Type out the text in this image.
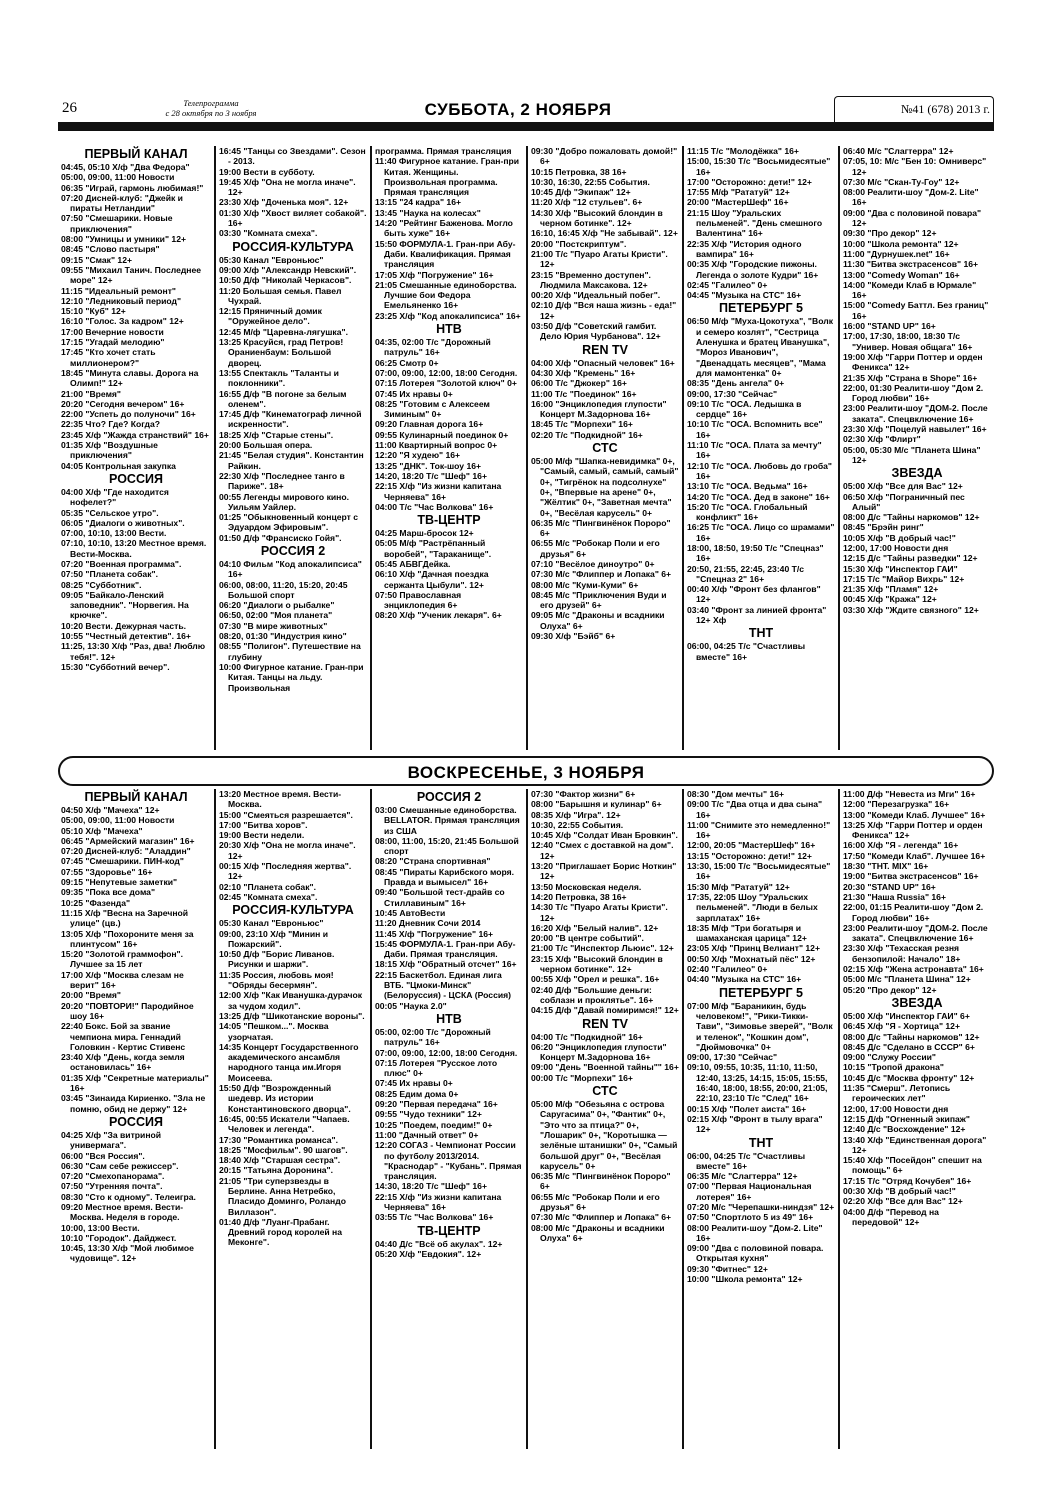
26	Телепрограмма
с 28 октября по 3 ноября	СУББОТА, 2 НОЯБРЯ	№41 (678) 2013 г.
ПЕРВЫЙ КАНАЛ
04:45, 05:10 Х/ф "Два Федора"
05:00, 09:00, 11:00 Новости
06:35 "Играй, гармонь любимая!"
07:20 Дисней-клуб: "Джейк и пираты Нетландии"
07:50 "Смешарики. Новые приключения"
08:00 "Умницы и умники" 12+
08:45 "Слово пастыря"
09:15 "Смак" 12+
09:55 "Михаил Танич. Последнее море" 12+
11:15 "Идеальный ремонт"
12:10 "Ледниковый период"
15:10 "Куб" 12+
16:10 "Голос. За кадром" 12+
17:00 Вечерние новости
17:15 "Угадай мелодию"
17:45 "Кто хочет стать миллионером?"
18:45 "Минута славы. Дорога на Олимп!" 12+
21:00 "Время"
20:20 "Сегодня вечером" 16+
22:00 "Успеть до полуночи" 16+
22:35 Что? Где? Когда?
23:45 Х/ф "Жажда странствий" 16+
01:35 Х/ф "Воздушные приключения"
04:05 Контрольная закупка
РОССИЯ
04:00 Х/ф "Где находится нофелет?"
05:35 "Сельское утро".
06:05 "Диалоги о животных".
07:00, 10:10, 13:00 Вести.
07:10, 10:10, 13:20 Местное время. Вести-Москва.
07:20 "Военная программа".
07:50 "Планета собак".
08:25 "Субботник".
09:05 "Байкало-Ленский заповедник". "Норвегия. На крючке".
10:20 Вести. Дежурная часть.
10:55 "Честный детектив". 16+
11:25, 13:30 Х/ф "Раз, два! Люблю тебя!". 12+
15:30 "Субботний вечер".
16:45 "Танцы со Звездами". Сезон - 2013.
19:00 Вести в субботу.
19:45 Х/ф "Она не могла иначе". 12+
23:30 Х/ф "Доченька моя". 12+
01:30 Х/ф "Хвост виляет собакой". 16+
03:30 "Комната смеха".
РОССИЯ-КУЛЬТУРА
05:30 Канал "Евроньюс"
09:00 Х/ф "Александр Невский".
10:50 Д/ф "Николай Черкасов".
11:20 Большая семья. Павел Чухрай.
12:15 Пряничный домик "Оружейное дело".
12:45 М/ф "Царевна-лягушка".
13:25 Красуйся, град Петров! Ораниенбаум: Большой дворец.
13:55 Спектакль "Таланты и поклонники".
16:55 Д/ф "В погоне за белым оленем".
17:45 Д/ф "Кинематограф личной искренности".
18:25 Х/ф "Старые стены".
20:00 Большая опера.
21:45 "Белая студия". Константин Райкин.
22:30 Х/ф "Последнее танго в Париже". 18+
00:55 Легенды мирового кино. Уильям Уайлер.
01:25 "Обыкновенный концерт с Эдуардом Эфировым".
01:50 Д/ф "Франсиско Гойя".
РОССИЯ 2
04:10 Фильм "Код апокалипсиса" 16+
06:00, 08:00, 11:20, 15:20, 20:45 Большой спорт
06:20 "Диалоги о рыбалке"
06:50, 02:00 "Моя планета"
07:30 "В мире животных"
08:20, 01:30 "Индустрия кино"
08:55 "Полигон". Путешествие на глубину
10:00 Фигурное катание. Гран-при Китая. Танцы на льду. Произвольная
программа. Прямая трансляция
11:40 Фигурное катание. Гран-при Китая. Женщины. Произвольная программа. Прямая трансляция
13:15 "24 кадра" 16+
13:45 "Наука на колесах"
14:20 "Рейтинг Баженова. Могло быть хуже" 16+
15:50 ФОРМУЛА-1. Гран-при Абу-Даби. Квалификация. Прямая трансляция
17:05 Х/ф "Погружение" 16+
21:05 Смешанные единоборства. Лучшие бои Федора Емельяненко 16+
23:25 Х/ф "Код апокалипсиса" 16+
НТВ
04:35, 02:00 Т/с "Дорожный патруль" 16+
06:25 Смотр 0+
07:00, 09:00, 12:00, 18:00 Сегодня.
07:15 Лотерея "Золотой ключ" 0+
07:45 Их нравы 0+
08:25 "Готовим с Алексеем Зиминым" 0+
09:20 Главная дорога 16+
09:55 Кулинарный поединок 0+
11:00 Квартирный вопрос 0+
12:20 "Я худею" 16+
13:25 "ДНК". Ток-шоу 16+
14:20, 18:20 Т/с "Шеф" 16+
22:15 Х/ф "Из жизни капитана Черняева" 16+
04:00 Т/с "Час Волкова" 16+
ТВ-ЦЕНТР
04:25 Марш-бросок 12+
05:05 М/ф "Растрёпанный воробей", "Тараканище".
05:45 АБВГДейка.
06:10 Х/ф "Дачная поездка сержанта Цыбули". 12+
07:50 Православная энциклопедия 6+
08:20 Х/ф "Ученик лекаря". 6+
09:30 "Добро пожаловать домой!" 6+
10:15 Петровка, 38 16+
10:30, 16:30, 22:55 События.
10:45 Д/ф "Экипаж" 12+
11:20 Х/ф "12 стульев". 6+
14:30 Х/ф "Высокий блондин в черном ботинке". 12+
16:10, 16:45 Х/ф "Не забывай". 12+
20:00 "Постскриптум".
21:00 Т/с "Пуаро Агаты Кристи". 12+
23:15 "Временно доступен". Людмила Максакова. 12+
00:20 Х/ф "Идеальный побег".
02:10 Д/ф "Вся наша жизнь - еда!" 12+
03:50 Д/ф "Советский гамбит. Дело Юрия Чурбанова". 12+
REN TV
04:00 Х/ф "Опасный человек" 16+
04:30 Х/ф "Кремень" 16+
06:00 Т/с "Джокер" 16+
11:00 Т/с "Поединок" 16+
16:00 "Энциклопедия глупости" Концерт М.Задорнова 16+
18:45 Т/с "Морпехи" 16+
02:20 Т/с "Подкидной" 16+
СТС
05:00 М/ф "Шапка-невидимка" 0+, "Самый, самый, самый, самый" 0+, "Тигрёнок на подсолнухе" 0+, "Впервые на арене" 0+, "Жёлтик" 0+, "Заветная мечта" 0+, "Весёлая карусель" 0+
06:35 М/с "Пингвинёнок Пороро" 6+
06:55 М/с "Робокар Поли и его друзья" 6+
07:10 "Весёлое диноутро" 0+
07:30 М/с "Флиппер и Лопака" 6+
08:00 М/с "Куми-Куми" 6+
08:45 М/с "Приключения Вуди и его друзей" 6+
09:05 М/с "Драконы и всадники Олуха" 6+
09:30 Х/ф "Бэйб" 6+
11:15 Т/с "Молодёжка" 16+
15:00, 15:30 Т/с "Восьмидесятые" 16+
17:00 "Осторожно: дети!" 12+
17:55 М/ф "Рататуй" 12+
20:00 "МастерШеф" 16+
21:15 Шоу "Уральских пельменей". "День смешного Валентина" 16+
22:35 Х/ф "История одного вампира" 16+
00:35 Х/ф "Городские пижоны. Легенда о золоте Кудри" 16+
02:45 "Галилео" 0+
04:45 "Музыка на СТС" 16+
ПЕТЕРБУРГ 5
06:50 М/ф "Муха-Цокотуха", "Волк и семеро козлят", "Сестрица Аленушка и братец Иванушка", "Мороз Иванович", "Двенадцать месяцев", "Мама для мамонтенка" 0+
08:35 "День ангела" 0+
09:00, 17:30 "Сейчас"
09:10 Т/с "ОСА. Ледышка в сердце" 16+
10:10 Т/с "ОСА. Вспомнить все" 16+
11:10 Т/с "ОСА. Плата за мечту" 16+
12:10 Т/с "ОСА. Любовь до гроба" 16+
13:10 Т/с "ОСА. Ведьма" 16+
14:20 Т/с "ОСА. Дед в законе" 16+
15:20 Т/с "ОСА. Глобальный конфликт" 16+
16:25 Т/с "ОСА. Лицо со шрамами" 16+
18:00, 18:50, 19:50 Т/с "Спецназ" 16+
20:50, 21:55, 22:45, 23:40 Т/с "Спецназ 2" 16+
00:40 Х/ф "Фронт без флангов" 12+
03:40 "Фронт за линией фронта" 12+ Хф
ТНТ
06:00, 04:25 Т/с "Счастливы вместе" 16+
06:40 М/с "Слагтерра" 12+
07:05, 10: М/с "Бен 10: Омниверс" 12+
07:30 М/с "Скан-Ту-Гоу" 12+
08:00 Реалити-шоу "Дом-2. Lite" 16+
09:00 "Два с половиной повара" 12+
09:30 "Про декор" 12+
10:00 "Школа ремонта" 12+
11:00 "Дурнушек.net" 16+
11:30 "Битва экстрасенсов" 16+
13:00 "Comedy Woman" 16+
14:00 "Комеди Клаб в Юрмале" 16+
15:00 "Comedy Баттл. Без границ" 16+
16:00 "STAND UP" 16+
17:00, 17:30, 18:00, 18:30 Т/с "Универ. Новая общага" 16+
19:00 Х/ф "Гарри Поттер и орден Феникса" 12+
21:35 Х/ф "Страна в Shope" 16+
22:00, 01:30 Реалити-шоу "Дом 2. Город любви" 16+
23:00 Реалити-шоу "ДОМ-2. После заката". Спецвключение 16+
23:30 Х/ф "Поцелуй навылет" 16+
02:30 Х/ф "Флирт"
05:00, 05:30 М/с "Планета Шина" 12+
ЗВЕЗДА
05:00 Х/ф "Все для Вас" 12+
06:50 Х/ф "Пограничный пес Алый"
08:00 Д/с "Тайны наркомов" 12+
08:45 "Брэйн ринг"
10:05 Х/ф "В добрый час!"
12:00, 17:00 Новости дня
12:15 Д/с "Тайны разведки" 12+
15:30 Х/ф "Инспектор ГАИ"
17:15 Т/с "Майор Вихрь" 12+
21:35 Х/ф "Пламя" 12+
00:45 Х/ф "Кража" 12+
03:30 Х/ф "Ждите связного" 12+
ВОСКРЕСЕНЬЕ, 3 НОЯБРЯ
ПЕРВЫЙ КАНАЛ
04:50 Х/ф "Мачеха" 12+
05:00, 09:00, 11:00 Новости
05:10 Х/ф "Мачеха"
06:45 "Армейский магазин" 16+
07:20 Дисней-клуб: "Аладдин"
07:45 "Смешарики. ПИН-код"
07:55 "Здоровье" 16+
09:15 "Непутевые заметки"
09:35 "Пока все дома"
10:25 "Фазенда"
11:15 Х/ф "Весна на Заречной улице" (цв.)
13:05 Х/ф "Похороните меня за плинтусом" 16+
15:20 "Золотой граммофон". Лучшее за 15 лет
17:00 Х/ф "Москва слезам не верит" 16+
20:00 "Время"
20:20 "ПОВТОРИ!" Пародийное шоу 16+
22:40 Бокс. Бой за звание чемпиона мира. Геннадий Головкин - Кертис Стивенс
23:40 Х/ф "День, когда земля остановилась" 16+
01:35 Х/ф "Секретные материалы" 16+
03:45 "Зинаида Кириенко. "Зла не помню, обид не держу" 12+
РОССИЯ
04:25 Х/ф "За витриной универмага".
06:00 "Вся Россия".
06:30 "Сам себе режиссер".
07:20 "Смехопанорама".
07:50 "Утренняя почта".
08:30 "Сто к одному". Телеигра.
09:20 Местное время. Вести-Москва. Неделя в городе.
10:00, 13:00 Вести.
10:10 "Городок". Дайджест.
10:45, 13:30 Х/ф "Мой любимое чудовище". 12+
13:20 Местное время. Вести-Москва.
15:00 "Смеяться разрешается".
17:00 "Битва хоров".
19:00 Вести недели.
20:30 Х/ф "Она не могла иначе". 12+
00:15 Х/ф "Последняя жертва". 12+
02:10 "Планета собак".
02:45 "Комната смеха".
РОССИЯ-КУЛЬТУРА
05:30 Канал "Евроньюс"
09:00, 23:10 Х/ф "Минин и Пожарский".
10:50 Д/ф "Борис Ливанов. Рисунки и шаржи".
11:35 Россия, любовь моя! "Обряды бесермян".
12:00 Х/ф "Как Иванушка-дурачок за чудом ходил".
13:25 Д/ф "Шикотанские вороны".
14:05 "Пешком...". Москва узорчатая.
14:35 Концерт Государственного академического ансамбля народного танца им.Игоря Моисеева.
15:50 Д/ф "Возрожденный шедевр. Из истории Константиновского дворца".
16:45, 00:55 Искатели "Чапаев. Человек и легенда".
17:30 "Романтика романса".
18:25 "Мосфильм". 90 шагов".
18:40 Х/ф "Старшая сестра".
20:15 "Татьяна Доронина".
21:05 "Три суперзвезды в Берлине. Анна Нетребко, Пласидо Доминго, Роландо Виллазон".
01:40 Д/ф "Луанг-Прабанг. Древний город королей на Меконге".
РОССИЯ 2
03:00 Смешанные единоборства. BELLATOR. Прямая трансляция из США
08:00, 11:00, 15:20, 21:45 Большой спорт
08:20 "Страна спортивная"
08:45 "Пираты Карибского моря. Правда и вымысел" 16+
09:40 "Большой тест-драйв со Стиллавиным" 16+
10:45 АвтоВести
11:20 Дневник Сочи 2014
11:45 Х/ф "Погружение" 16+
15:45 ФОРМУЛА-1. Гран-при Абу-Даби. Прямая трансляция.
18:15 Х/ф "Обратный отсчет" 16+
22:15 Баскетбол. Единая лига ВТБ. "Цмоки-Минск" (Белоруссия) - ЦСКА (Россия)
00:05 "Наука 2.0"
НТВ
05:00, 02:00 Т/с "Дорожный патруль" 16+
07:00, 09:00, 12:00, 18:00 Сегодня.
07:15 Лотерея "Русское лото плюс" 0+
07:45 Их нравы 0+
08:25 Едим дома 0+
09:20 "Первая передача" 16+
09:55 "Чудо техники" 12+
10:25 "Поедем, поедим!" 0+
11:00 "Дачный ответ" 0+
12:20 СОГАЗ - Чемпионат России по футболу 2013/2014. "Краснодар" - "Кубань". Прямая трансляция.
14:30, 18:20 Т/с "Шеф" 16+
22:15 Х/ф "Из жизни капитана Черняева" 16+
03:55 Т/с "Час Волкова" 16+
ТВ-ЦЕНТР
04:40 Д/с "Всё об акулах". 12+
05:20 Х/ф "Евдокия". 12+
07:30 "Фактор жизни" 6+
08:00 "Барышня и кулинар" 6+
08:35 Х/ф "Игра". 12+
10:30, 22:55 События.
10:45 Х/ф "Солдат Иван Бровкин".
12:40 "Смех с доставкой на дом". 12+
13:20 "Приглашает Борис Ноткин" 12+
13:50 Московская неделя.
14:20 Петровка, 38 16+
14:30 Т/с "Пуаро Агаты Кристи". 12+
16:20 Х/ф "Белый налив". 12+
20:00 "В центре событий".
21:00 Т/с "Инспектор Льюис". 12+
23:15 Х/ф "Высокий блондин в черном ботинке". 12+
00:55 Х/ф "Орел и решка". 16+
02:40 Д/ф "Большие деньги: соблазн и проклятье". 16+
04:15 Д/ф "Давай помиримся!" 12+
REN TV
04:00 Т/с "Подкидной" 16+
06:20 "Энциклопедия глупости" Концерт М.Задорнова 16+
09:00 "День "Военной тайны"" 16+
00:00 Т/с "Морпехи" 16+
СТС
05:00 М/ф "Обезьяна с острова Саругасима" 0+, "Фантик" 0+, "Это что за птица?" 0+, "Лошарик" 0+, "Коротышка — зелёные штанишки" 0+, "Самый большой друг" 0+, "Весёлая карусель" 0+
06:35 М/с "Пингвинёнок Пороро" 6+
06:55 М/с "Робокар Поли и его друзья" 6+
07:30 М/с "Флиппер и Лопака" 6+
08:00 М/с "Драконы и всадники Олуха" 6+
08:30 "Дом мечты" 16+
09:00 Т/с "Два отца и два сына" 16+
11:00 "Снимите это немедленно!" 16+
12:00, 20:05 "МастерШеф" 16+
13:15 "Осторожно: дети!" 12+
13:30, 15:00 Т/с "Восьмидесятые" 16+
15:30 М/ф "Рататуй" 12+
17:35, 22:05 Шоу "Уральских пельменей". "Люди в белых зарплатах" 16+
18:35 М/ф "Три богатыря и шамаханская царица" 12+
23:05 Х/ф "Принц Велиант" 12+
00:50 Х/ф "Мохнатый пёс" 12+
02:40 "Галилео" 0+
04:40 "Музыка на СТС" 16+
ПЕТЕРБУРГ 5
07:00 М/ф "Бараникин, будь человеком!", "Рики-Тикки-Тави", "Зимовье зверей", "Волк и теленок", "Кошкин дом", "Дюймовочка" 0+
09:00, 17:30 "Сейчас"
09:10, 09:55, 10:35, 11:10, 11:50, 12:40, 13:25, 14:15, 15:05, 15:55, 16:40, 18:00, 18:55, 20:00, 21:05, 22:10, 23:10 Т/с "След" 16+
00:15 Х/ф "Полет аиста" 16+
02:15 Х/ф "Фронт в тылу врага" 12+
ТНТ
06:00, 04:25 Т/с "Счастливы вместе" 16+
06:35 М/с "Слагтерра" 12+
07:00 "Первая Национальная лотерея" 16+
07:20 М/с "Черепашки-ниндзя" 12+
07:50 "Спортлото 5 из 49" 16+
08:00 Реалити-шоу "Дом-2. Lite" 16+
09:00 "Два с половиной повара. Открытая кухня"
09:30 "Фитнес" 12+
10:00 "Школа ремонта" 12+
11:00 Д/ф "Невеста из Мги" 16+
12:00 "Перезагрузка" 16+
13:00 "Комеди Клаб. Лучшее" 16+
13:25 Х/ф "Гарри Поттер и орден Феникса" 12+
16:00 Х/ф "Я - легенда" 16+
17:50 "Комеди Клаб". Лучшее 16+
18:30 "ТНТ. MIX" 16+
19:00 "Битва экстрасенсов" 16+
20:30 "STAND UP" 16+
21:30 "Наша Russia" 16+
22:00, 01:15 Реалити-шоу "Дом 2. Город любви" 16+
23:00 Реалити-шоу "ДОМ-2. После заката". Спецвключение 16+
23:30 Х/ф "Техасская резня бензопилой: Начало" 18+
02:15 Х/ф "Жена астронавта" 16+
05:00 М/с "Планета Шина" 12+
05:20 "Про декор" 12+
ЗВЕЗДА
05:00 Х/ф "Инспектор ГАИ" 6+
06:45 Х/ф "Я - Хортица" 12+
08:00 Д/с "Тайны наркомов" 12+
08:45 Д/с "Сделано в СССР" 6+
09:00 "Служу России"
10:15 "Тропой дракона"
10:45 Д/с "Москва фронту" 12+
11:35 "Смерш". Летопись героических лет"
12:00, 17:00 Новости дня
12:15 Д/ф "Огненный экипаж"
12:40 Д/с "Восхождение" 12+
13:40 Х/ф "Единственная дорога" 12+
15:40 Х/ф "Посейдон" спешит на помощь" 6+
17:15 Т/с "Отряд Кочубея" 16+
00:30 Х/ф "В добрый час!"
02:20 Х/ф "Все для Вас" 12+
04:00 Д/ф "Перевод на передовой" 12+
